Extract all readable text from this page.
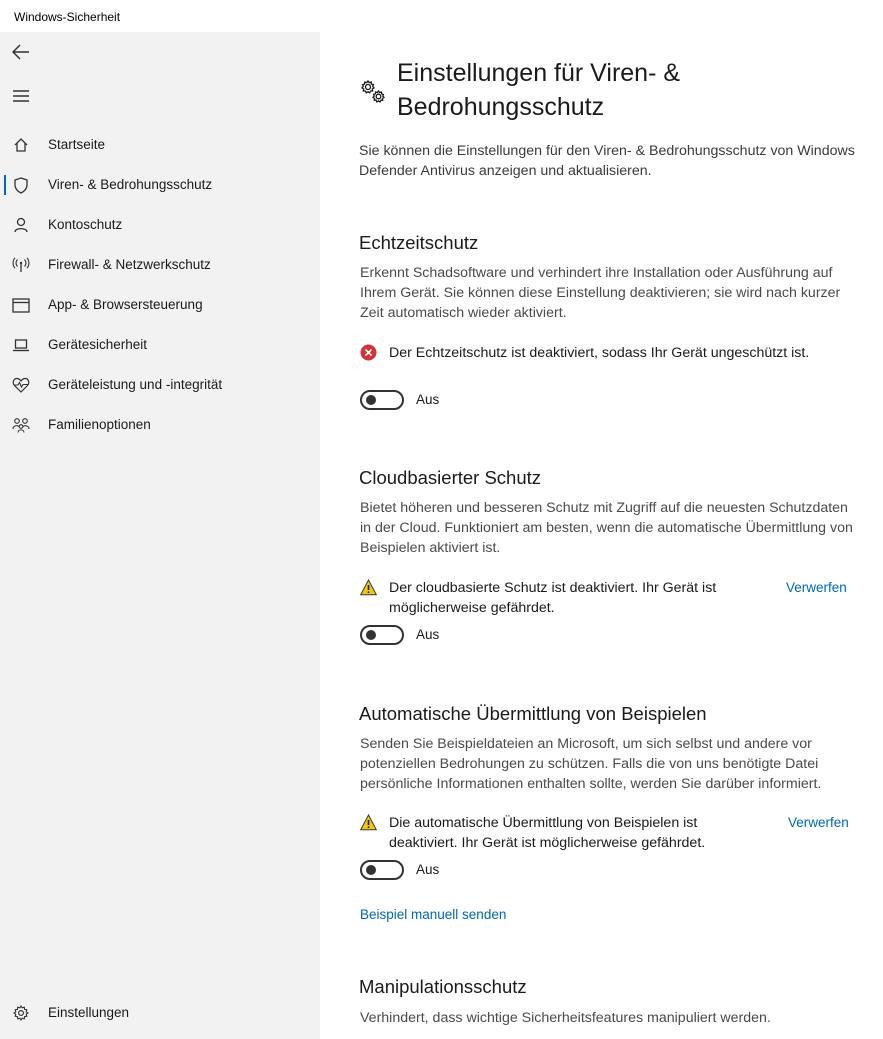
Windows-Sicherheit
Startseite
Viren- & Bedrohungsschutz
Kontoschutz
Firewall- & Netzwerkschutz
App- & Browsersteuerung
Gerätesicherheit
Geräteleistung und -integrität
Familienoptionen
Einstellungen
Einstellungen für Viren- &
Bedrohungsschutz
Sie können die Einstellungen für den Viren- & Bedrohungsschutz von Windows Defender Antivirus anzeigen und aktualisieren.
Echtzeitschutz
Erkennt Schadsoftware und verhindert ihre Installation oder Ausführung auf Ihrem Gerät. Sie können diese Einstellung deaktivieren; sie wird nach kurzer Zeit automatisch wieder aktiviert.
Der Echtzeitschutz ist deaktiviert, sodass Ihr Gerät ungeschützt ist.
Aus
Cloudbasierter Schutz
Bietet höheren und besseren Schutz mit Zugriff auf die neuesten Schutzdaten in der Cloud. Funktioniert am besten, wenn die automatische Übermittlung von Beispielen aktiviert ist.
Der cloudbasierte Schutz ist deaktiviert. Ihr Gerät ist
möglicherweise gefährdet.
Verwerfen
Aus
Automatische Übermittlung von Beispielen
Senden Sie Beispieldateien an Microsoft, um sich selbst und andere vor potenziellen Bedrohungen zu schützen. Falls die von uns benötigte Datei persönliche Informationen enthalten sollte, werden Sie darüber informiert.
Die automatische Übermittlung von Beispielen ist
deaktiviert. Ihr Gerät ist möglicherweise gefährdet.
Verwerfen
Aus
Beispiel manuell senden
Manipulationsschutz
Verhindert, dass wichtige Sicherheitsfeatures manipuliert werden.
